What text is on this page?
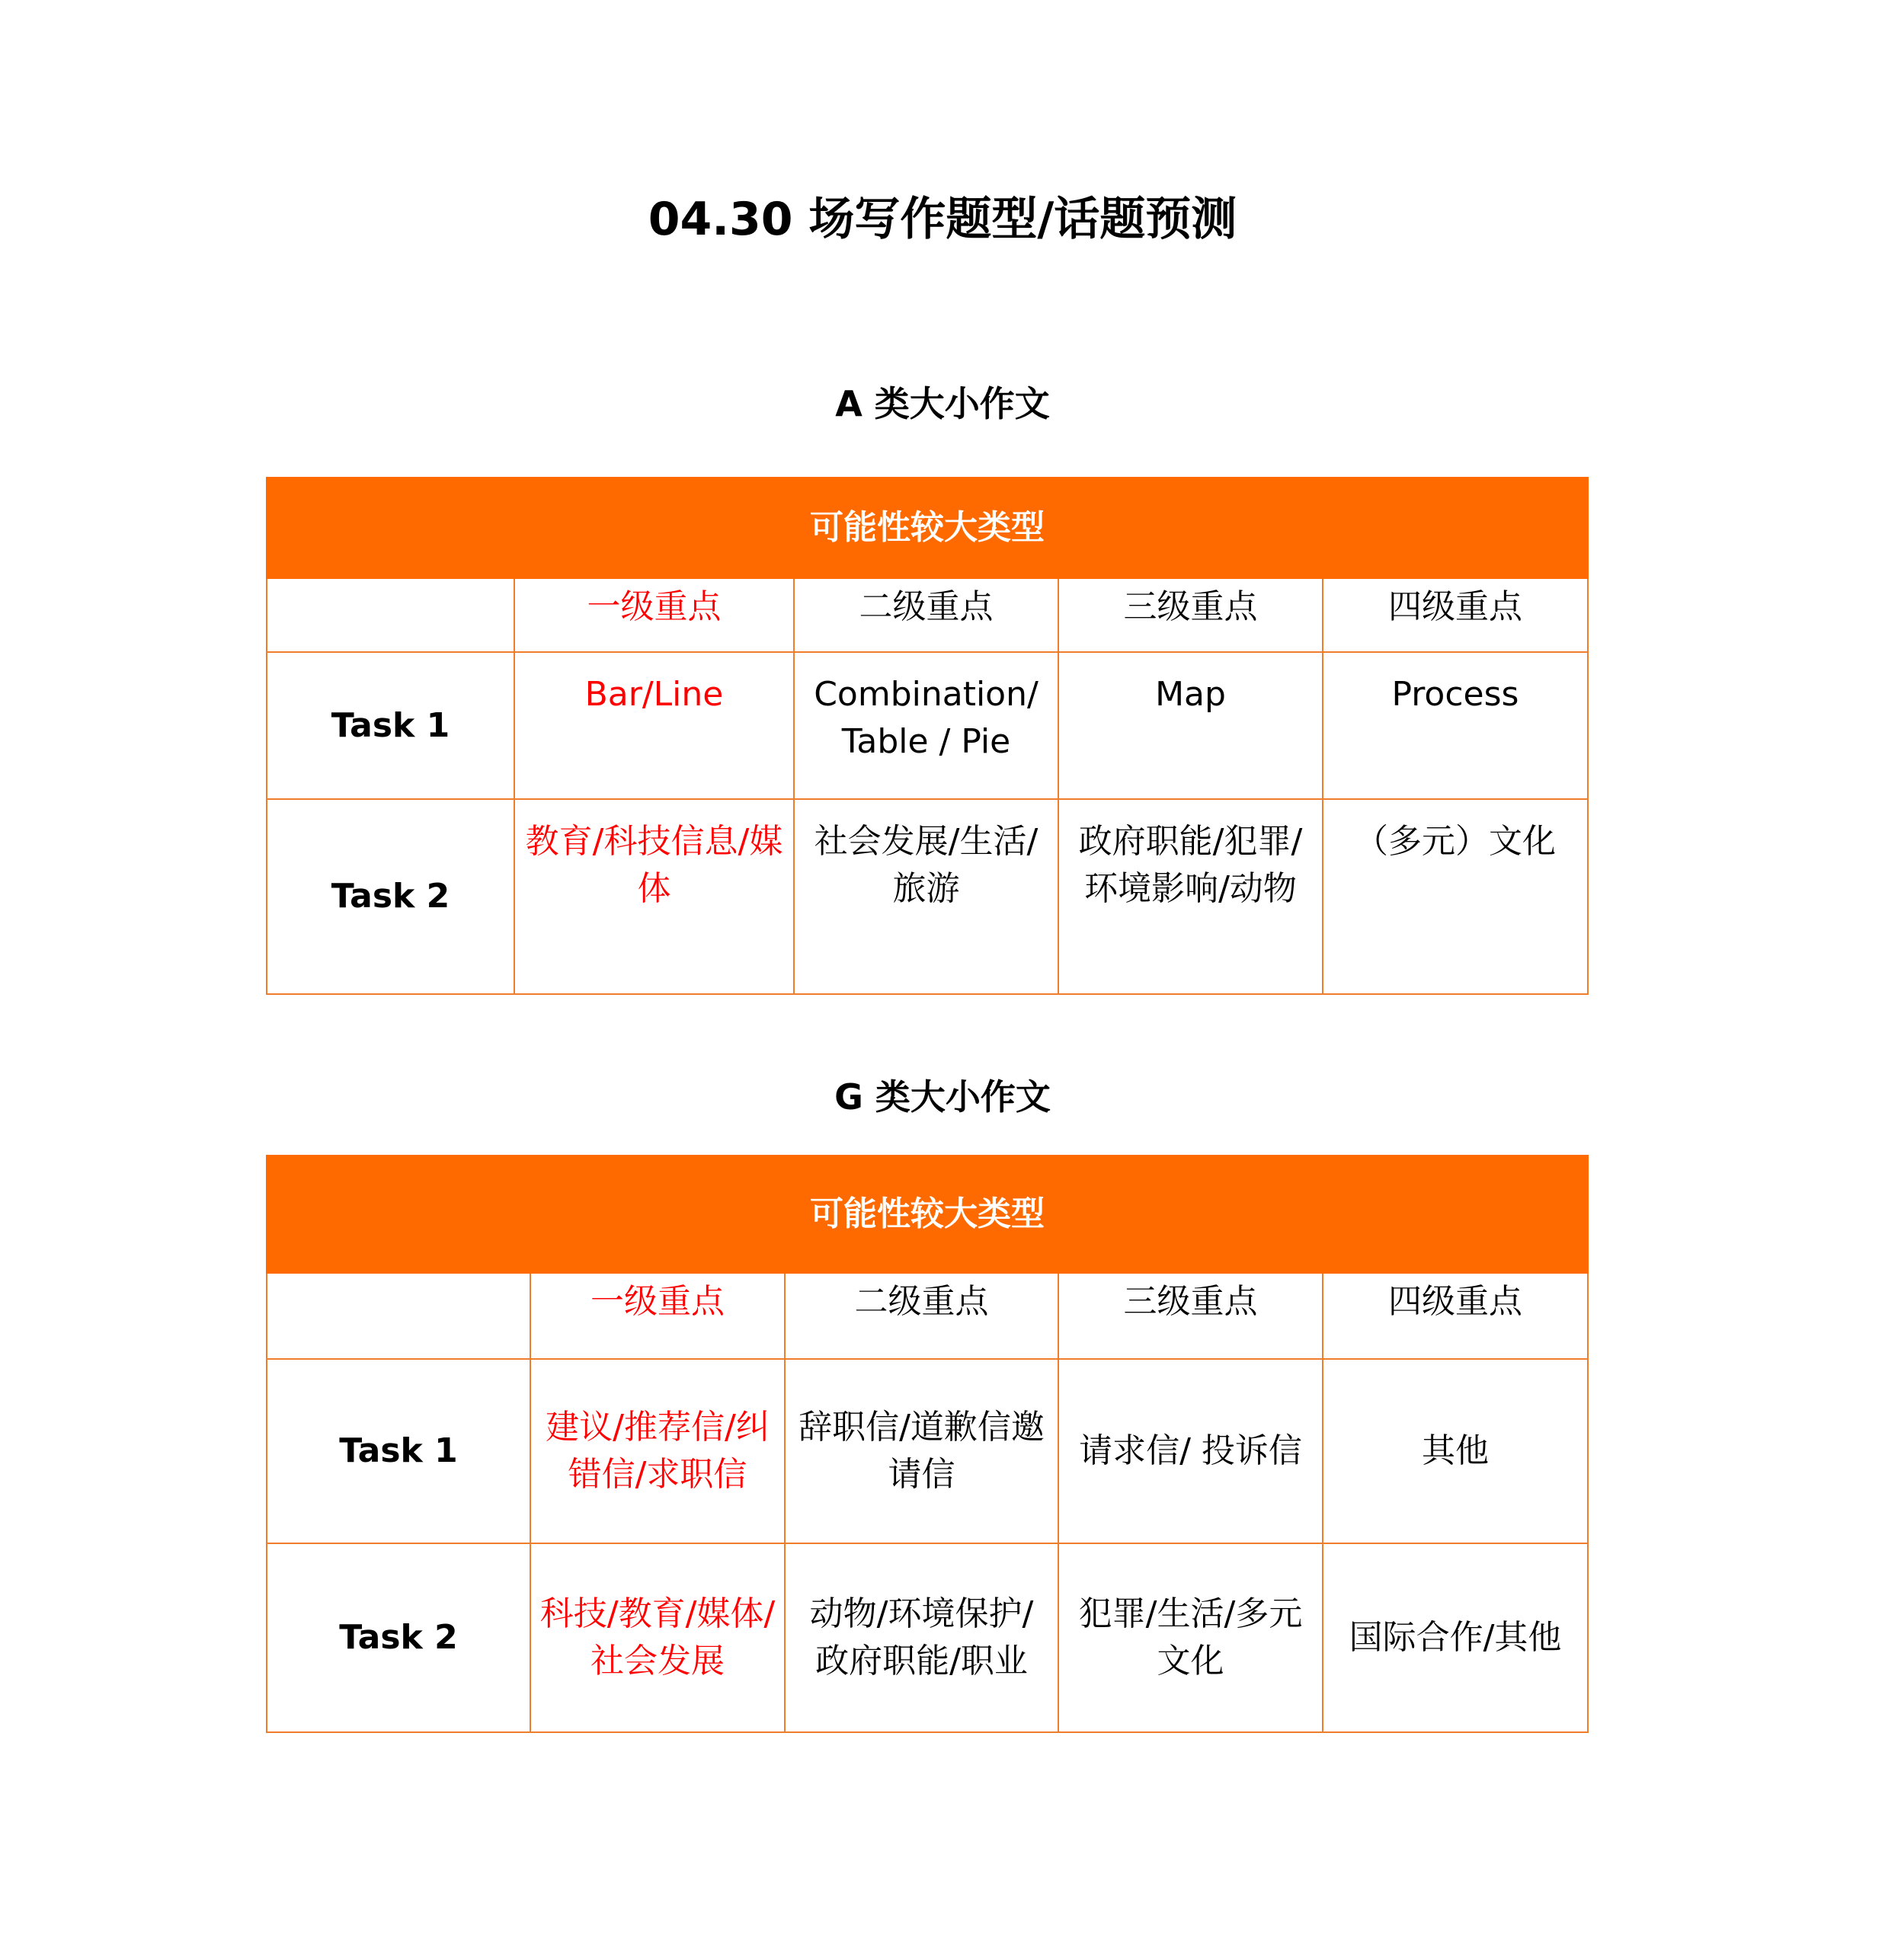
04.30 场写作题型/话题预测
A 类大小作文
可能性较大类型				
	一级重点	二级重点	三级重点	四级重点
Task 1	Bar/Line	Combination/ Table / Pie	Map	Process
Task 2	教育/科技信息/媒体	社会发展/生活/旅游	政府职能/犯罪/环境影响/动物	（多元）文化
G 类大小作文
可能性较大类型				
	一级重点	二级重点	三级重点	四级重点
Task 1	建议/推荐信/纠错信/求职信	辞职信/道歉信邀请信	请求信/ 投诉信	其他
Task 2	科技/教育/媒体/社会发展	动物/环境保护/政府职能/职业	犯罪/生活/多元文化	国际合作/其他
